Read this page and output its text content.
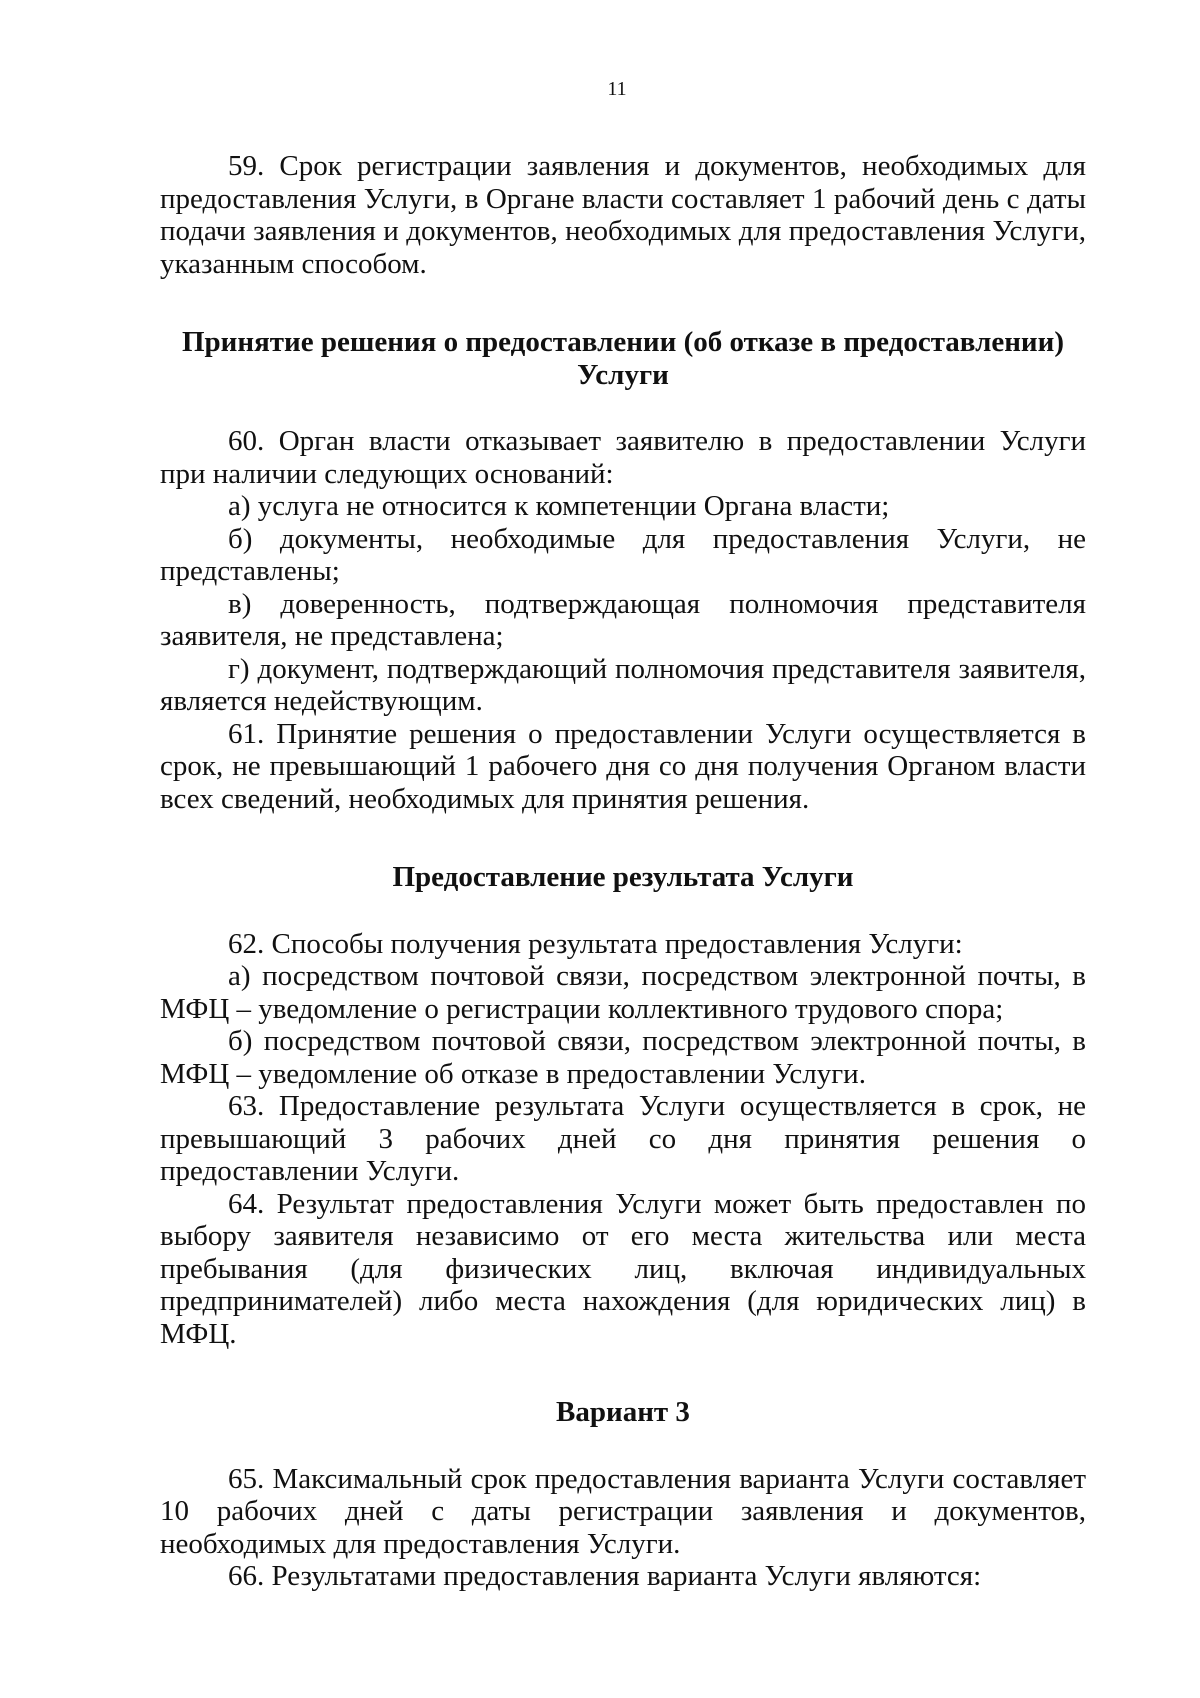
11

59. Срок регистрации заявления и документов, необходимых для предоставления Услуги, в Органе власти составляет 1 рабочий день с даты подачи заявления и документов, необходимых для предоставления Услуги, указанным способом.

Принятие решения о предоставлении (об отказе в предоставлении) Услуги

60. Орган власти отказывает заявителю в предоставлении Услуги при наличии следующих оснований:

а) услуга не относится к компетенции Органа власти;

б) документы, необходимые для предоставления Услуги, не представлены;

в) доверенность, подтверждающая полномочия представителя заявителя, не представлена;

г) документ, подтверждающий полномочия представителя заявителя, является недействующим.

61. Принятие решения о предоставлении Услуги осуществляется в срок, не превышающий 1 рабочего дня со дня получения Органом власти всех сведений, необходимых для принятия решения.

Предоставление результата Услуги

62. Способы получения результата предоставления Услуги:

а) посредством почтовой связи, посредством электронной почты, в МФЦ – уведомление о регистрации коллективного трудового спора;

б) посредством почтовой связи, посредством электронной почты, в МФЦ – уведомление об отказе в предоставлении Услуги.

63. Предоставление результата Услуги осуществляется в срок, не превышающий 3 рабочих дней со дня принятия решения о предоставлении Услуги.

64. Результат предоставления Услуги может быть предоставлен по выбору заявителя независимо от его места жительства или места пребывания (для физических лиц, включая индивидуальных предпринимателей) либо места нахождения (для юридических лиц) в МФЦ.

Вариант 3

65. Максимальный срок предоставления варианта Услуги составляет 10 рабочих дней с даты регистрации заявления и документов, необходимых для предоставления Услуги.

66. Результатами предоставления варианта Услуги являются:
